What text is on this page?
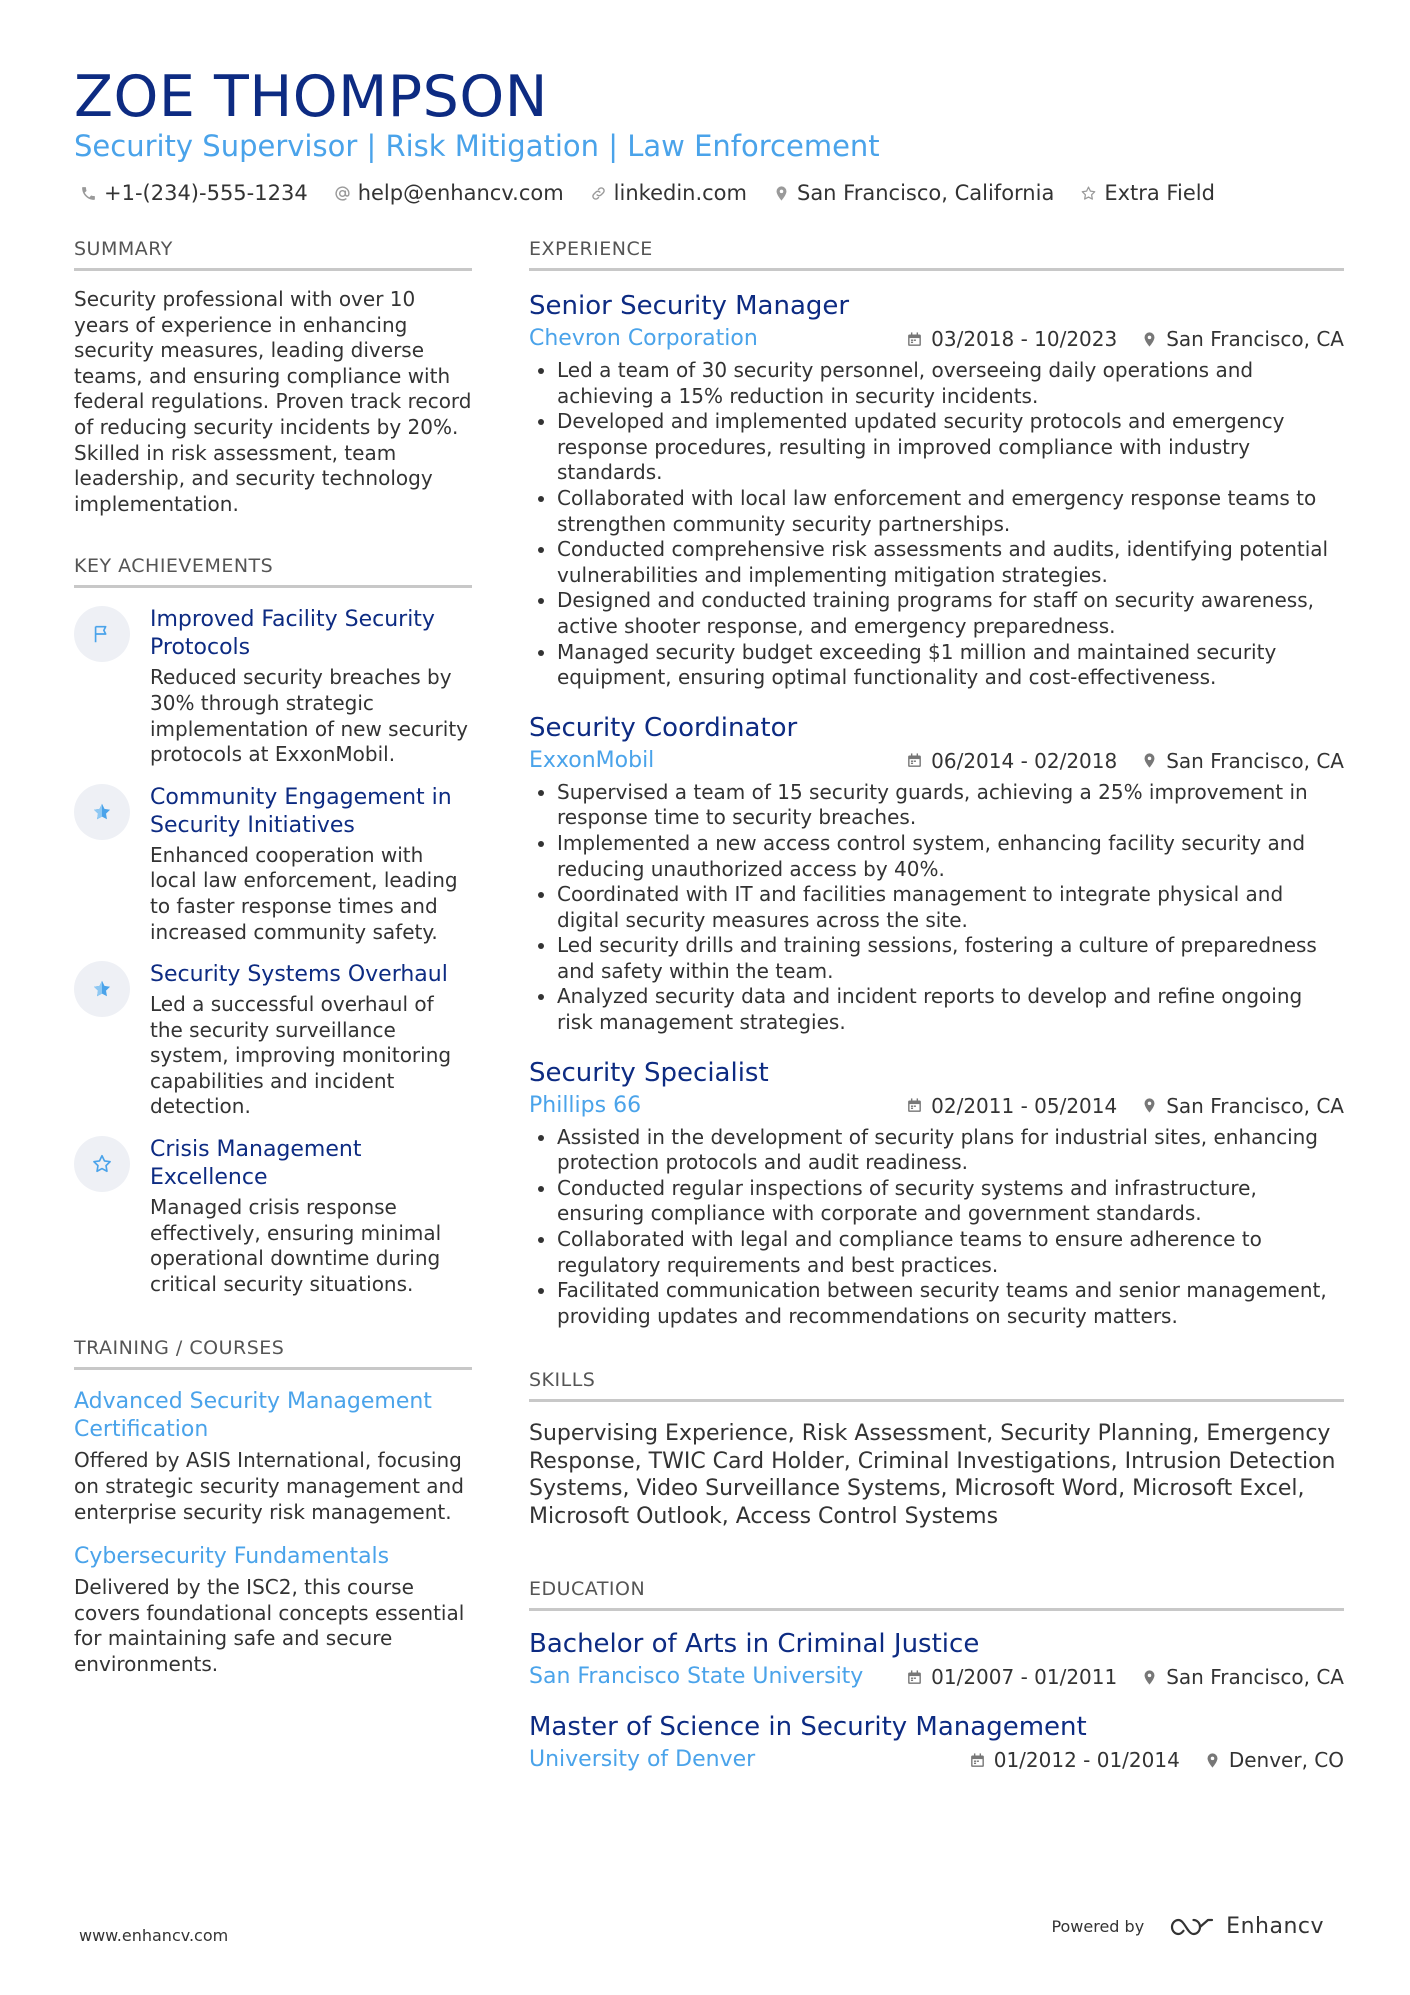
ZOE THOMPSON
Security Supervisor | Risk Mitigation | Law Enforcement
+1-(234)-555-1234 help@enhancv.com linkedin.com San Francisco, California Extra Field
SUMMARY
Security professional with over 10 years of experience in enhancing security measures, leading diverse teams, and ensuring compliance with federal regulations. Proven track record of reducing security incidents by 20%. Skilled in risk assessment, team leadership, and security technology implementation.
KEY ACHIEVEMENTS
Improved Facility Security Protocols
Reduced security breaches by 30% through strategic implementation of new security protocols at ExxonMobil.
Community Engagement in Security Initiatives
Enhanced cooperation with local law enforcement, leading to faster response times and increased community safety.
Security Systems Overhaul
Led a successful overhaul of the security surveillance system, improving monitoring capabilities and incident detection.
Crisis Management Excellence
Managed crisis response effectively, ensuring minimal operational downtime during critical security situations.
TRAINING / COURSES
Advanced Security Management Certification
Offered by ASIS International, focusing on strategic security management and enterprise security risk management.
Cybersecurity Fundamentals
Delivered by the ISC2, this course covers foundational concepts essential for maintaining safe and secure environments.
EXPERIENCE
Senior Security Manager
Chevron Corporation	03/2018 - 10/2023 San Francisco, CA
• Led a team of 30 security personnel, overseeing daily operations and achieving a 15% reduction in security incidents.
• Developed and implemented updated security protocols and emergency response procedures, resulting in improved compliance with industry standards.
• Collaborated with local law enforcement and emergency response teams to strengthen community security partnerships.
• Conducted comprehensive risk assessments and audits, identifying potential vulnerabilities and implementing mitigation strategies.
• Designed and conducted training programs for staff on security awareness, active shooter response, and emergency preparedness.
• Managed security budget exceeding $1 million and maintained security equipment, ensuring optimal functionality and cost-effectiveness.
Security Coordinator
ExxonMobil	06/2014 - 02/2018 San Francisco, CA
• Supervised a team of 15 security guards, achieving a 25% improvement in response time to security breaches.
• Implemented a new access control system, enhancing facility security and reducing unauthorized access by 40%.
• Coordinated with IT and facilities management to integrate physical and digital security measures across the site.
• Led security drills and training sessions, fostering a culture of preparedness and safety within the team.
• Analyzed security data and incident reports to develop and refine ongoing risk management strategies.
Security Specialist
Phillips 66	02/2011 - 05/2014 San Francisco, CA
• Assisted in the development of security plans for industrial sites, enhancing protection protocols and audit readiness.
• Conducted regular inspections of security systems and infrastructure, ensuring compliance with corporate and government standards.
• Collaborated with legal and compliance teams to ensure adherence to regulatory requirements and best practices.
• Facilitated communication between security teams and senior management, providing updates and recommendations on security matters.
SKILLS
Supervising Experience, Risk Assessment, Security Planning, Emergency Response, TWIC Card Holder, Criminal Investigations, Intrusion Detection Systems, Video Surveillance Systems, Microsoft Word, Microsoft Excel, Microsoft Outlook, Access Control Systems
EDUCATION
Bachelor of Arts in Criminal Justice
San Francisco State University	01/2007 - 01/2011 San Francisco, CA
Master of Science in Security Management
University of Denver	01/2012 - 01/2014 Denver, CO
www.enhancv.com	Powered by	Enhancv
